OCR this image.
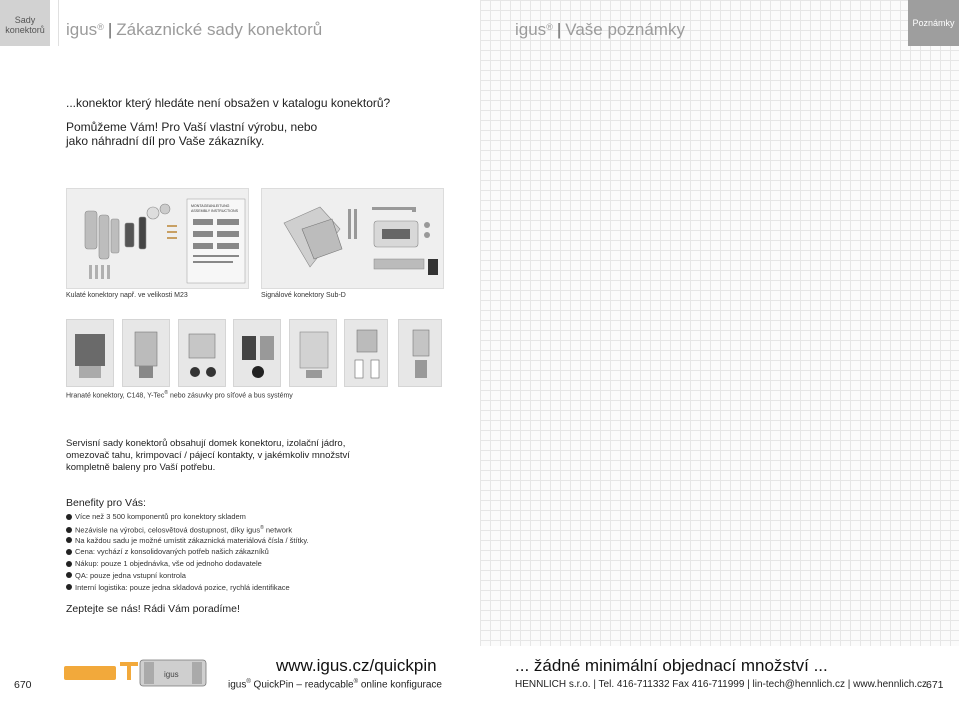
Sady
konektorů	igus® | Zákaznické sady konektorů	igus® | Vaše poznámky	Poznámky
...konektor který hledáte není obsažen v katalogu konektorů?
Pomůžeme Vám! Pro Vaší vlastní výrobu, nebo
jako náhradní díl pro Vaše zákazníky.
MONTAGEANLEITUNG
ASSEMBLY INSTRUCTIONS
Kulaté konektory např. ve velikosti M23	Signálové konektory Sub-D
Hranaté konektory, C148, Y-Tec® nebo zásuvky pro síťové a bus systémy
Servisní sady konektorů obsahují domek konektoru, izolační jádro, omezovač tahu, krimpovací / pájecí kontakty, v jakémkoliv množství kompletně baleny pro Vaší potřebu.
Benefity pro Vás:
Více než 3 500 komponentů pro konektory skladem
Nezávisle na výrobci, celosvětová dostupnost, díky igus® network
Na každou sadu je možné umístit zákaznická materiálová čísla / štítky.
Cena: vychází z konsolidovaných potřeb našich zákazníků
Nákup: pouze 1 objednávka, vše od jednoho dodavatele
QA: pouze jedna vstupní kontrola
Interní logistika: pouze jedna skladová pozice, rychlá identifikace
Zeptejte se nás! Rádi Vám poradíme!
670
igus	www.igus.cz/quickpin
igus® QuickPin – readycable® online konfigurace
... žádné minimální objednací množství ...
HENNLICH s.r.o. | Tel. 416-711332 Fax 416-711999 | lin-tech@hennlich.cz | www.hennlich.cz
671
